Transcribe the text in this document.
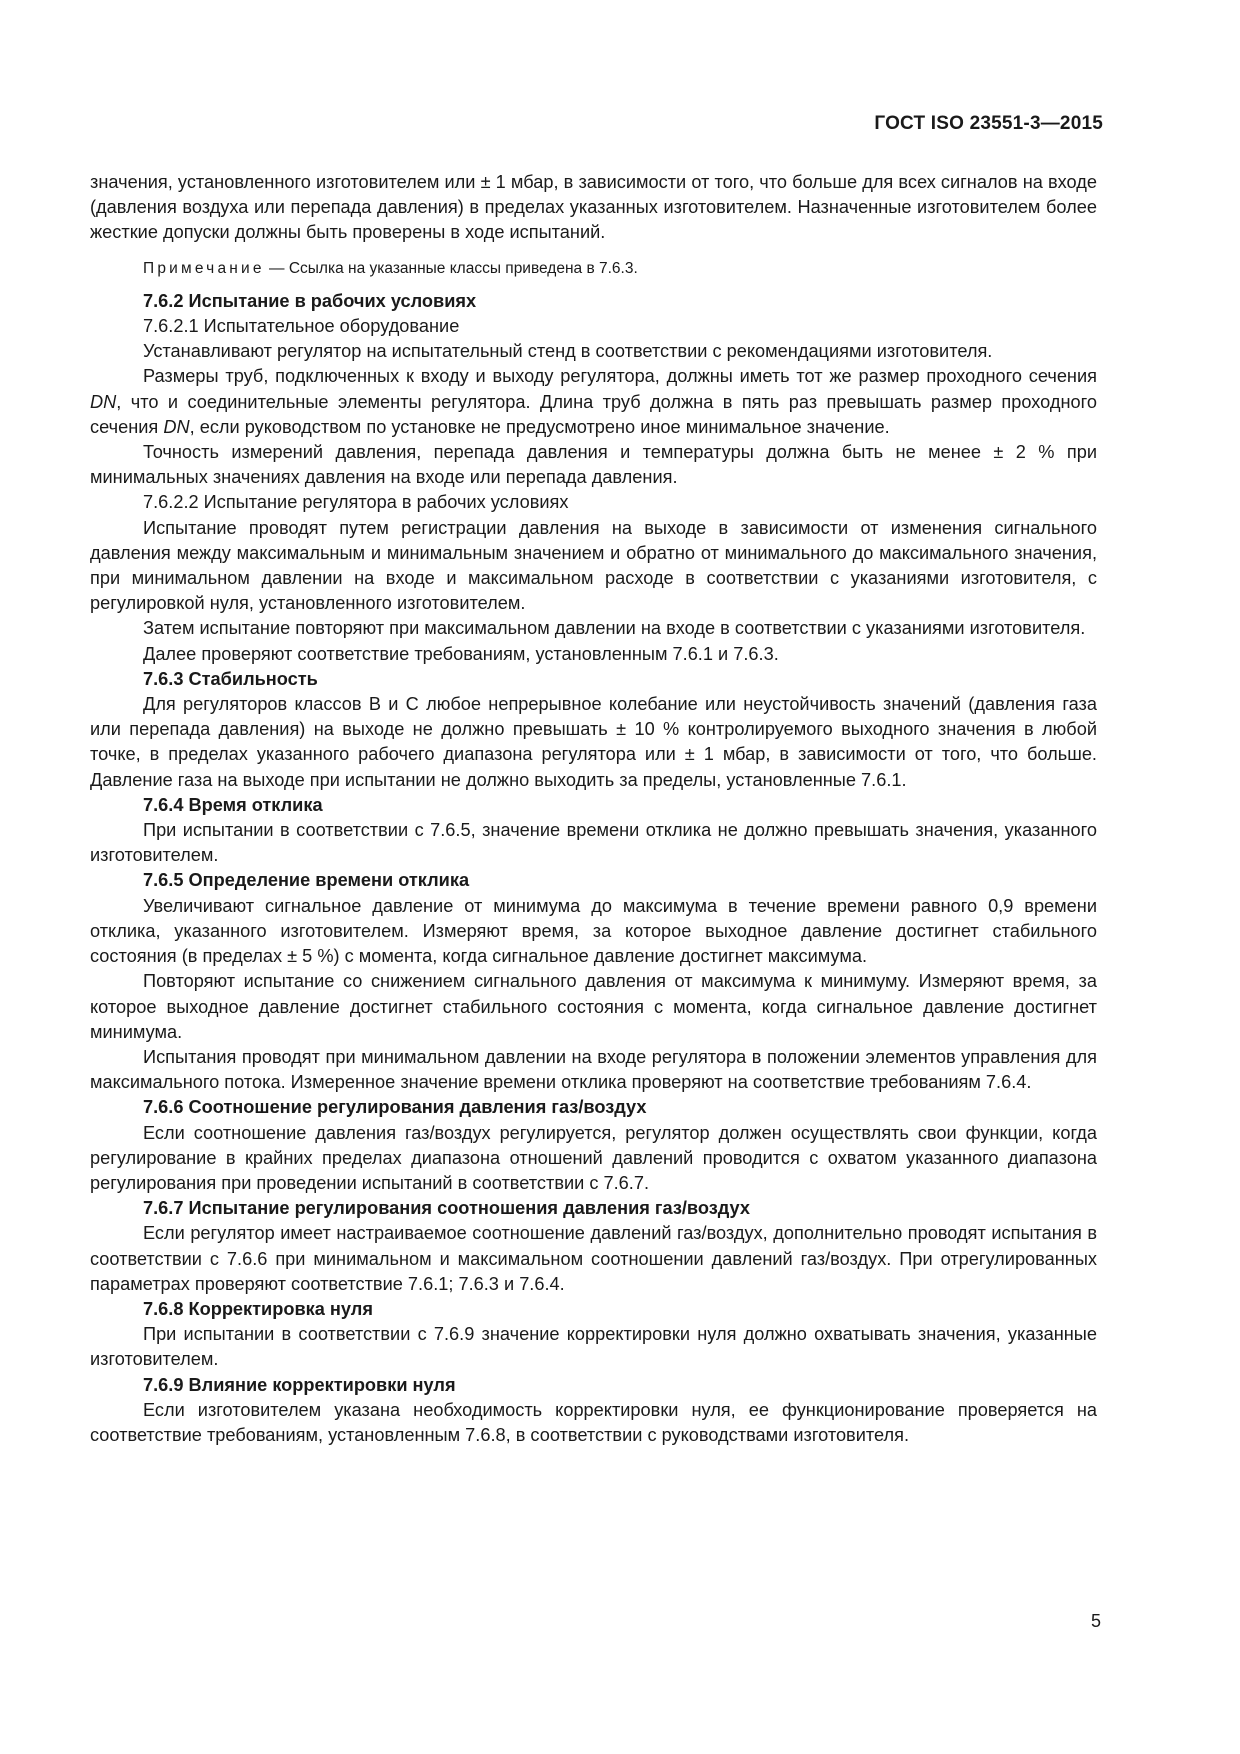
ГОСТ ISO 23551-3—2015

значения, установленного изготовителем или ± 1 мбар, в зависимости от того, что больше для всех сигналов на входе (давления воздуха или перепада давления) в пределах указанных изготовителем. Назначенные изготовителем более жесткие допуски должны быть проверены в ходе испытаний.

Примечание — Ссылка на указанные классы приведена в 7.6.3.

7.6.2 Испытание в рабочих условиях

7.6.2.1 Испытательное оборудование

Устанавливают регулятор на испытательный стенд в соответствии с рекомендациями изготовителя.

Размеры труб, подключенных к входу и выходу регулятора, должны иметь тот же размер проходного сечения DN, что и соединительные элементы регулятора. Длина труб должна в пять раз превышать размер проходного сечения DN, если руководством по установке не предусмотрено иное минимальное значение.

Точность измерений давления, перепада давления и температуры должна быть не менее ± 2 % при минимальных значениях давления на входе или перепада давления.

7.6.2.2 Испытание регулятора в рабочих условиях

Испытание проводят путем регистрации давления на выходе в зависимости от изменения сигнального давления между максимальным и минимальным значением и обратно от минимального до максимального значения, при минимальном давлении на входе и максимальном расходе в соответствии с указаниями изготовителя, с регулировкой нуля, установленного изготовителем.

Затем испытание повторяют при максимальном давлении на входе в соответствии с указаниями изготовителя.

Далее проверяют соответствие требованиям, установленным 7.6.1 и 7.6.3.

7.6.3 Стабильность

Для регуляторов классов В и С любое непрерывное колебание или неустойчивость значений (давления газа или перепада давления) на выходе не должно превышать ± 10 % контролируемого выходного значения в любой точке, в пределах указанного рабочего диапазона регулятора или ± 1 мбар, в зависимости от того, что больше. Давление газа на выходе при испытании не должно выходить за пределы, установленные 7.6.1.

7.6.4 Время отклика

При испытании в соответствии с 7.6.5, значение времени отклика не должно превышать значения, указанного изготовителем.

7.6.5 Определение времени отклика

Увеличивают сигнальное давление от минимума до максимума в течение времени равного 0,9 времени отклика, указанного изготовителем. Измеряют время, за которое выходное давление достигнет стабильного состояния (в пределах ± 5 %) с момента, когда сигнальное давление достигнет максимума.

Повторяют испытание со снижением сигнального давления от максимума к минимуму. Измеряют время, за которое выходное давление достигнет стабильного состояния с момента, когда сигнальное давление достигнет минимума.

Испытания проводят при минимальном давлении на входе регулятора в положении элементов управления для максимального потока. Измеренное значение времени отклика проверяют на соответствие требованиям 7.6.4.

7.6.6 Соотношение регулирования давления газ/воздух

Если соотношение давления газ/воздух регулируется, регулятор должен осуществлять свои функции, когда регулирование в крайних пределах диапазона отношений давлений проводится с охватом указанного диапазона регулирования при проведении испытаний в соответствии с 7.6.7.

7.6.7 Испытание регулирования соотношения давления газ/воздух

Если регулятор имеет настраиваемое соотношение давлений газ/воздух, дополнительно проводят испытания в соответствии с 7.6.6 при минимальном и максимальном соотношении давлений газ/воздух. При отрегулированных параметрах проверяют соответствие 7.6.1; 7.6.3 и 7.6.4.

7.6.8 Корректировка нуля

При испытании в соответствии с 7.6.9 значение корректировки нуля должно охватывать значения, указанные изготовителем.

7.6.9 Влияние корректировки нуля

Если изготовителем указана необходимость корректировки нуля, ее функционирование проверяется на соответствие требованиям, установленным 7.6.8, в соответствии с руководствами изготовителя.

5
